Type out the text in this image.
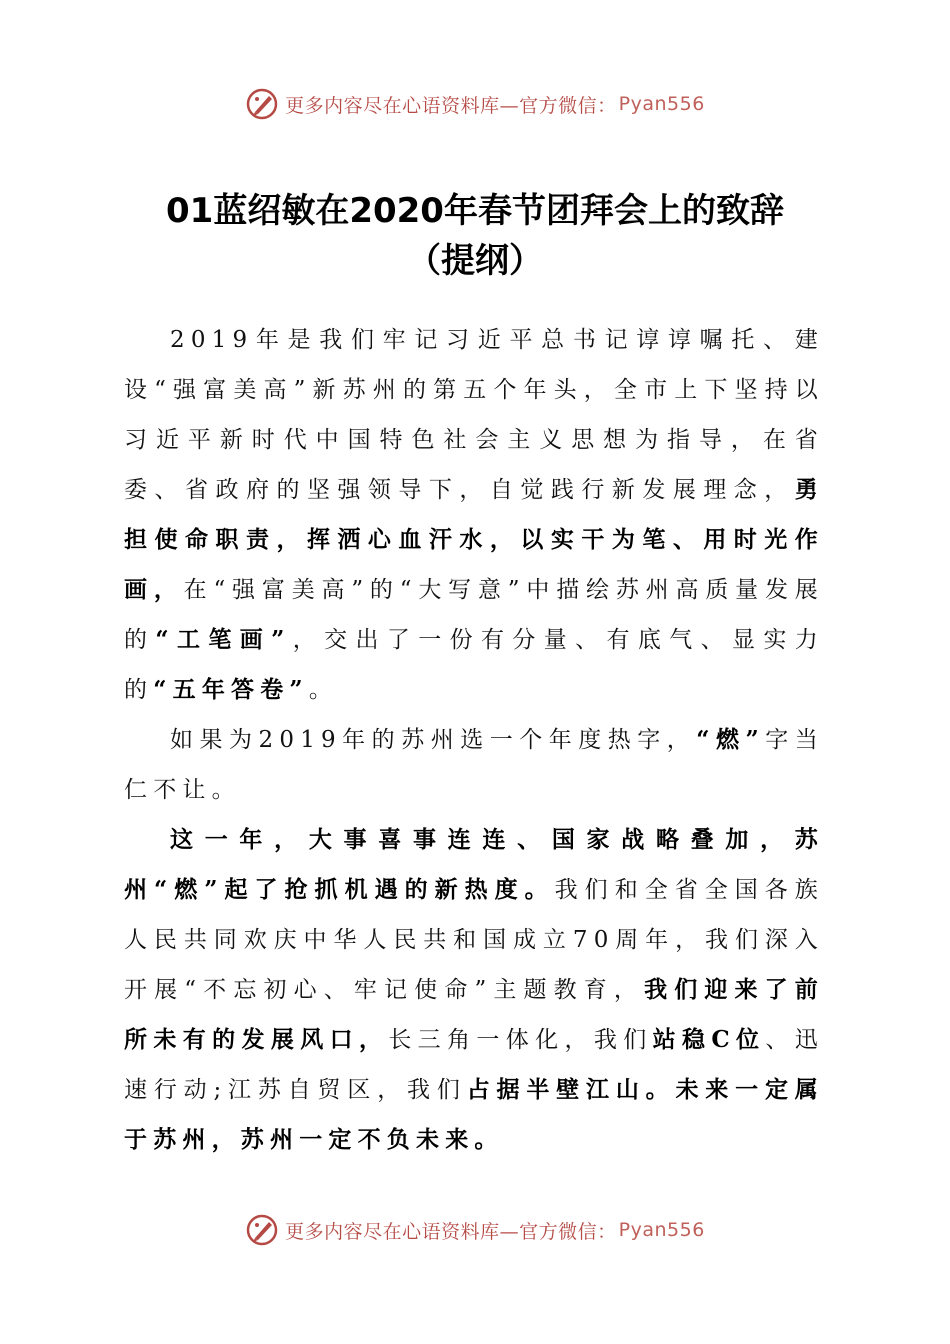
更多内容尽在心语资料库—官方微信： Pyan556
01蓝绍敏在2020年春节团拜会上的致辞
（提纲）

2019年是我们牢记习近平总书记谆谆嘱托、建设“强富美高”新苏州的第五个年头，全市上下坚持以习近平新时代中国特色社会主义思想为指导，在省委、省政府的坚强领导下，自觉践行新发展理念，勇担使命职责，挥洒心血汗水，以实干为笔、用时光作画，在“强富美高”的“大写意”中描绘苏州高质量发展的“工笔画”，交出了一份有分量、有底气、显实力的“五年答卷”。

如果为2019年的苏州选一个年度热字，“燃”字当仁不让。

这一年，大事喜事连连、国家战略叠加，苏州“燃”起了抢抓机遇的新热度。我们和全省全国各族人民共同欢庆中华人民共和国成立70周年，我们深入开展“不忘初心、牢记使命”主题教育，我们迎来了前所未有的发展风口，长三角一体化，我们站稳C位、迅速行动;江苏自贸区，我们占据半壁江山。未来一定属于苏州，苏州一定不负未来。

更多内容尽在心语资料库—官方微信： Pyan556
